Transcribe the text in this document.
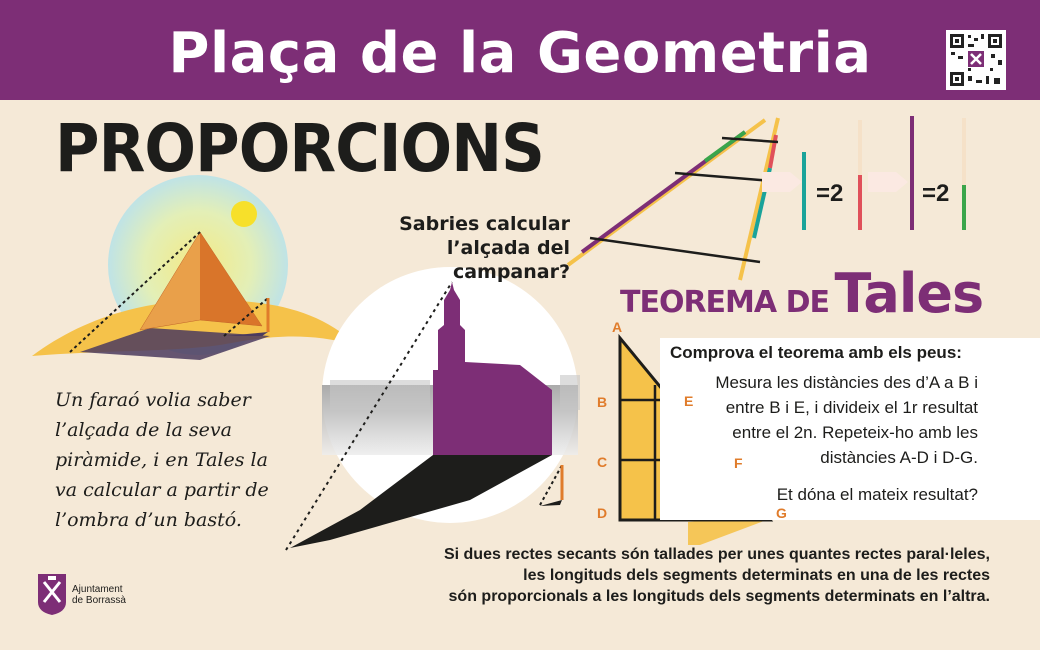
Plaça de la Geometria
PROPORCIONS
Sabries calcular
l’alçada del campanar?
=2	=2
Un faraó volia saber
l’alçada de la seva
piràmide, i en Tales la
va calcular a partir de
l’ombra d’un bastó.
TEOREMA DE Tales
Comprova el teorema amb els peus:
Mesura les distàncies des d’A a B i
entre B i E, i divideix el 1r resultat
entre el 2n. Repeteix-ho amb les
distàncies A-D i D-G.
Et dóna el mateix resultat?
A
B
C
D
E
F
G
Si dues rectes secants són tallades per unes quantes rectes paral·leles,
les longituds dels segments determinats en una de les rectes
són proporcionals a les longituds dels segments determinats en l’altra.
Ajuntament
de Borrassà
